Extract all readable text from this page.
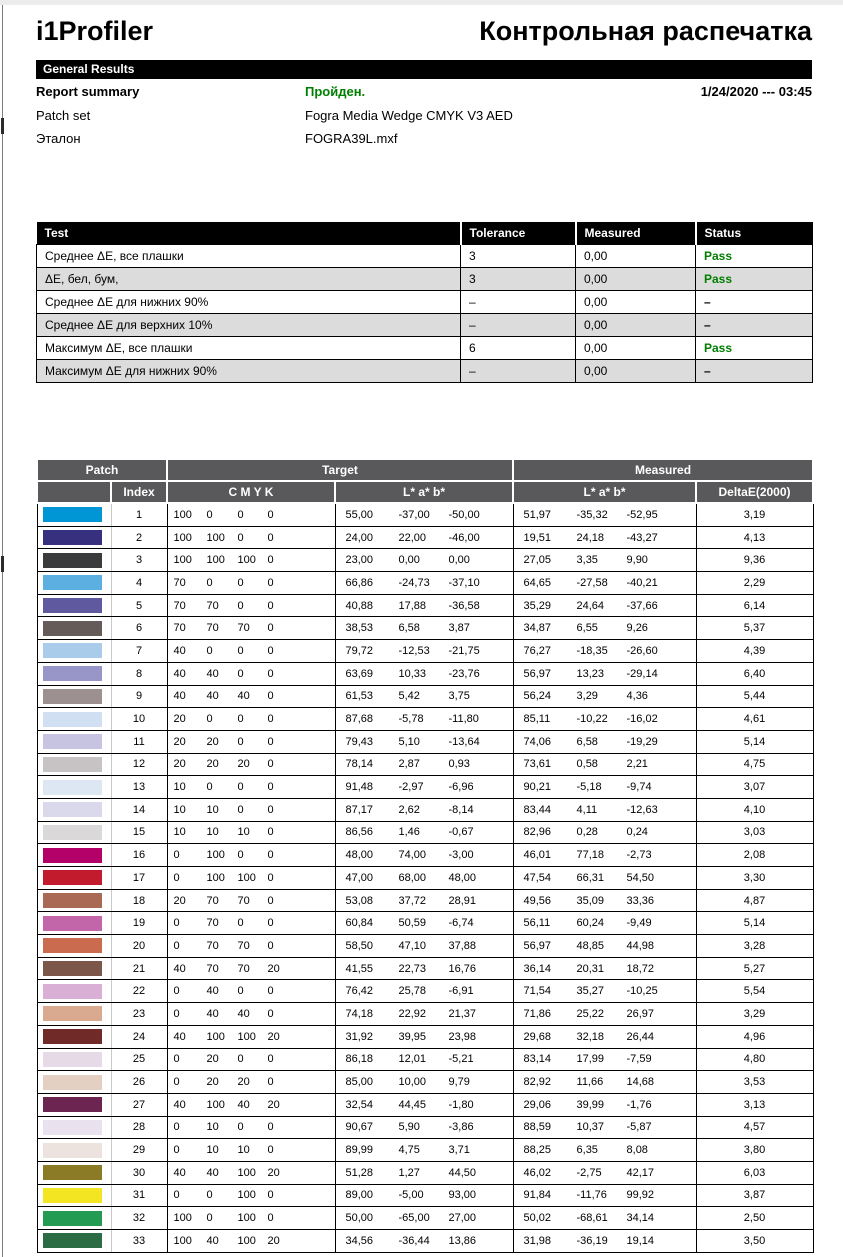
i1Profiler	Контрольная распечатка
General Results
Report summary	Пройден.	1/24/2020 --- 03:45
Patch set	Fogra Media Wedge CMYK V3 AED
Эталон	FOGRA39L.mxf
Test	Tolerance	Measured	Status
Среднее ΔE, все плашки	3	0,00	Pass
ΔE, бел, бум,	3	0,00	Pass
Среднее ΔE для нижних 90%	–	0,00	–
Среднее ΔE для верхних 10%	–	0,00	–
Максимум ΔE, все плашки	6	0,00	Pass
Максимум ΔE для нижних 90%	–	0,00	–
Patch		Target		Measured	
	Index	C M Y K	L* a* b*	L* a* b*	DeltaE(2000)

	1	100 0 0 0	55,00 -37,00 -50,00	51,97 -35,32 -52,95	3,19

	2	100 100 0 0	24,00 22,00 -46,00	19,51 24,18 -43,27	4,13

	3	100 100 100 0	23,00 0,00 0,00	27,05 3,35 9,90	9,36

	4	70 0 0 0	66,86 -24,73 -37,10	64,65 -27,58 -40,21	2,29

	5	70 70 0 0	40,88 17,88 -36,58	35,29 24,64 -37,66	6,14

	6	70 70 70 0	38,53 6,58 3,87	34,87 6,55 9,26	5,37

	7	40 0 0 0	79,72 -12,53 -21,75	76,27 -18,35 -26,60	4,39

	8	40 40 0 0	63,69 10,33 -23,76	56,97 13,23 -29,14	6,40

	9	40 40 40 0	61,53 5,42 3,75	56,24 3,29 4,36	5,44

	10	20 0 0 0	87,68 -5,78 -11,80	85,11 -10,22 -16,02	4,61

	11	20 20 0 0	79,43 5,10 -13,64	74,06 6,58 -19,29	5,14

	12	20 20 20 0	78,14 2,87 0,93	73,61 0,58 2,21	4,75

	13	10 0 0 0	91,48 -2,97 -6,96	90,21 -5,18 -9,74	3,07

	14	10 10 0 0	87,17 2,62 -8,14	83,44 4,11 -12,63	4,10

	15	10 10 10 0	86,56 1,46 -0,67	82,96 0,28 0,24	3,03

	16	0 100 0 0	48,00 74,00 -3,00	46,01 77,18 -2,73	2,08

	17	0 100 100 0	47,00 68,00 48,00	47,54 66,31 54,50	3,30

	18	20 70 70 0	53,08 37,72 28,91	49,56 35,09 33,36	4,87

	19	0 70 0 0	60,84 50,59 -6,74	56,11 60,24 -9,49	5,14

	20	0 70 70 0	58,50 47,10 37,88	56,97 48,85 44,98	3,28

	21	40 70 70 20	41,55 22,73 16,76	36,14 20,31 18,72	5,27

	22	0 40 0 0	76,42 25,78 -6,91	71,54 35,27 -10,25	5,54

	23	0 40 40 0	74,18 22,92 21,37	71,86 25,22 26,97	3,29

	24	40 100 100 20	31,92 39,95 23,98	29,68 32,18 26,44	4,96

	25	0 20 0 0	86,18 12,01 -5,21	83,14 17,99 -7,59	4,80

	26	0 20 20 0	85,00 10,00 9,79	82,92 11,66 14,68	3,53

	27	40 100 40 20	32,54 44,45 -1,80	29,06 39,99 -1,76	3,13

	28	0 10 0 0	90,67 5,90 -3,86	88,59 10,37 -5,87	4,57

	29	0 10 10 0	89,99 4,75 3,71	88,25 6,35 8,08	3,80

	30	40 40 100 20	51,28 1,27 44,50	46,02 -2,75 42,17	6,03

	31	0 0 100 0	89,00 -5,00 93,00	91,84 -11,76 99,92	3,87

	32	100 0 100 0	50,00 -65,00 27,00	50,02 -68,61 34,14	2,50

	33	100 40 100 20	34,56 -36,44 13,86	31,98 -36,19 19,14	3,50
